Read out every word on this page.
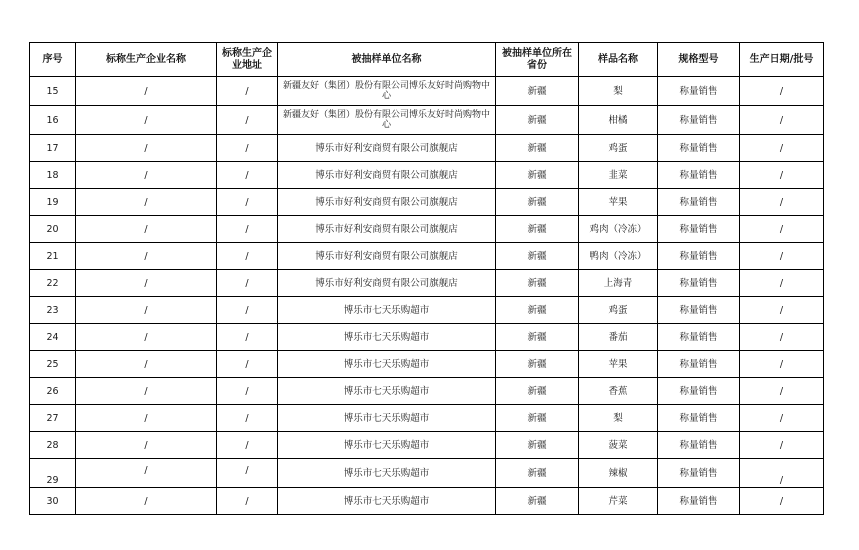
序号	标称生产企业名称	标称生产企业地址	被抽样单位名称	被抽样单位所在省份	样品名称	规格型号	生产日期/批号
15	/	/	新疆友好（集团）股份有限公司博乐友好时尚购物中心	新疆	梨	称量销售	/
16	/	/	新疆友好（集团）股份有限公司博乐友好时尚购物中心	新疆	柑橘	称量销售	/
17	/	/	博乐市好利安商贸有限公司旗舰店	新疆	鸡蛋	称量销售	/
18	/	/	博乐市好利安商贸有限公司旗舰店	新疆	韭菜	称量销售	/
19	/	/	博乐市好利安商贸有限公司旗舰店	新疆	苹果	称量销售	/
20	/	/	博乐市好利安商贸有限公司旗舰店	新疆	鸡肉（冷冻）	称量销售	/
21	/	/	博乐市好利安商贸有限公司旗舰店	新疆	鸭肉（冷冻）	称量销售	/
22	/	/	博乐市好利安商贸有限公司旗舰店	新疆	上海青	称量销售	/
23	/	/	博乐市七天乐购超市	新疆	鸡蛋	称量销售	/
24	/	/	博乐市七天乐购超市	新疆	番茄	称量销售	/
25	/	/	博乐市七天乐购超市	新疆	苹果	称量销售	/
26	/	/	博乐市七天乐购超市	新疆	香蕉	称量销售	/
27	/	/	博乐市七天乐购超市	新疆	梨	称量销售	/
28	/	/	博乐市七天乐购超市	新疆	菠菜	称量销售	/
29	/	/	博乐市七天乐购超市	新疆	辣椒	称量销售	/
30	/	/	博乐市七天乐购超市	新疆	芹菜	称量销售	/
